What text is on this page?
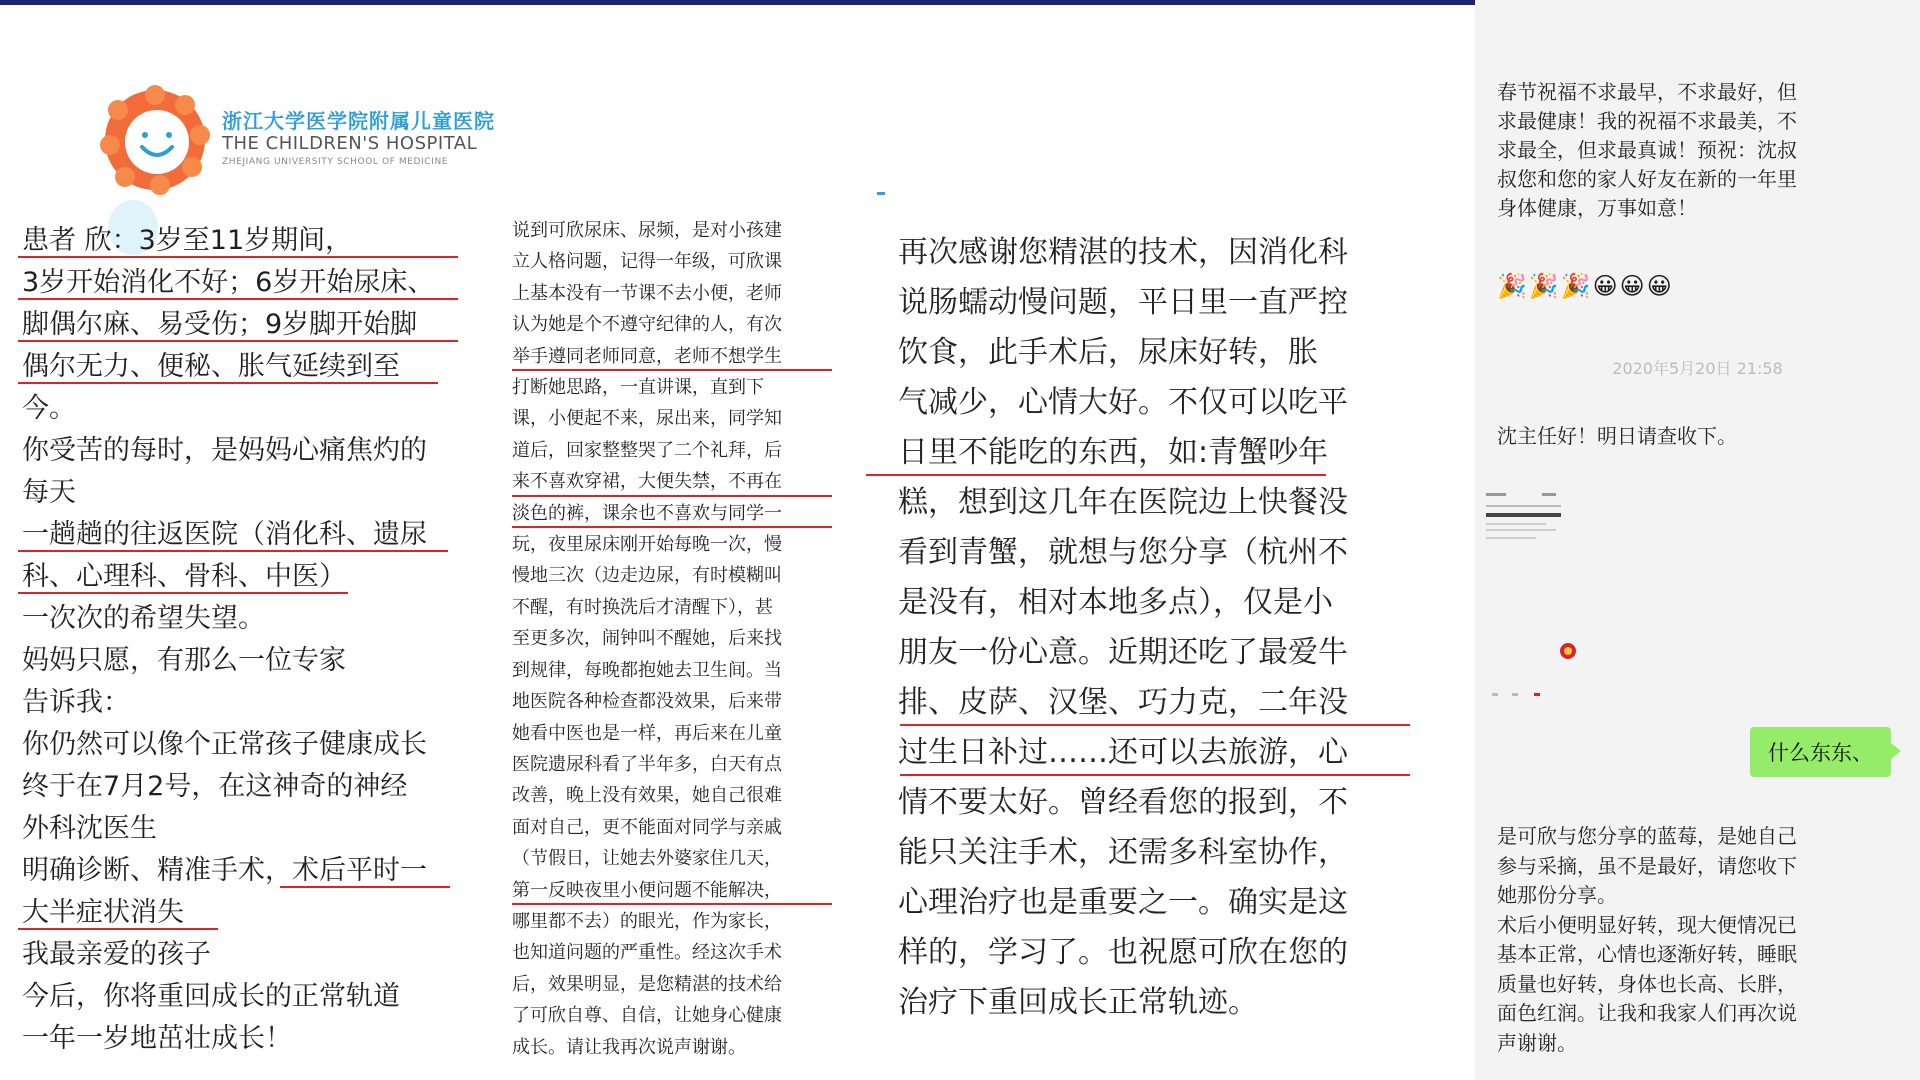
浙江大学医学院附属儿童医院
THE CHILDREN'S HOSPITAL
ZHEJIANG UNIVERSITY SCHOOL OF MEDICINE
患者 欣：3岁至11岁期间，
3岁开始消化不好；6岁开始尿床、
脚偶尔麻、易受伤；9岁脚开始脚
偶尔无力、便秘、胀气延续到至
今。
你受苦的每时，是妈妈心痛焦灼的
每天
一趟趟的往返医院（消化科、遗尿
科、心理科、骨科、中医）
一次次的希望失望。
妈妈只愿，有那么一位专家
告诉我：
你仍然可以像个正常孩子健康成长
终于在7月2号，在这神奇的神经
外科沈医生
明确诊断、精准手术，术后平时一
大半症状消失
我最亲爱的孩子
今后，你将重回成长的正常轨道
一年一岁地茁壮成长！
说到可欣尿床、尿频，是对小孩建
立人格问题，记得一年级，可欣课
上基本没有一节课不去小便，老师
认为她是个不遵守纪律的人，有次
举手遵同老师同意，老师不想学生
打断她思路，一直讲课，直到下
课，小便起不来，尿出来，同学知
道后，回家整整哭了二个礼拜，后
来不喜欢穿裙，大便失禁，不再在
淡色的裤，课余也不喜欢与同学一
玩，夜里尿床刚开始每晚一次，慢
慢地三次（边走边尿，有时模糊叫
不醒，有时换洗后才清醒下），甚
至更多次，闹钟叫不醒她，后来找
到规律，每晚都抱她去卫生间。当
地医院各种检查都没效果，后来带
她看中医也是一样，再后来在儿童
医院遗尿科看了半年多，白天有点
改善，晚上没有效果，她自己很难
面对自己，更不能面对同学与亲戚
（节假日，让她去外婆家住几天，
第一反映夜里小便问题不能解决，
哪里都不去）的眼光，作为家长，
也知道问题的严重性。经这次手术
后，效果明显，是您精湛的技术给
了可欣自尊、自信，让她身心健康
成长。请让我再次说声谢谢。
再次感谢您精湛的技术，因消化科
说肠蠕动慢问题，平日里一直严控
饮食，此手术后，尿床好转，胀
气减少，心情大好。不仅可以吃平
日里不能吃的东西，如:青蟹吵年
糕，想到这几年在医院边上快餐没
看到青蟹，就想与您分享（杭州不
是没有，相对本地多点），仅是小
朋友一份心意。近期还吃了最爱牛
排、皮萨、汉堡、巧力克，二年没
过生日补过……还可以去旅游，心
情不要太好。曾经看您的报到，不
能只关注手术，还需多科室协作，
心理治疗也是重要之一。确实是这
样的，学习了。也祝愿可欣在您的
治疗下重回成长正常轨迹。
春节祝福不求最早，不求最好，但
求最健康！我的祝福不求最美，不
求最全，但求最真诚！预祝：沈叔
叔您和您的家人好友在新的一年里
身体健康，万事如意！
🎉🎉🎉😀😀😀
2020年5月20日 21:58
沈主任好！明日请查收下。
是可欣与您分享的蓝莓，是她自己
参与采摘，虽不是最好，请您收下
她那份分享。
术后小便明显好转，现大便情况已
基本正常，心情也逐渐好转，睡眠
质量也好转，身体也长高、长胖，
面色红润。让我和我家人们再次说
声谢谢。
什么东东、
